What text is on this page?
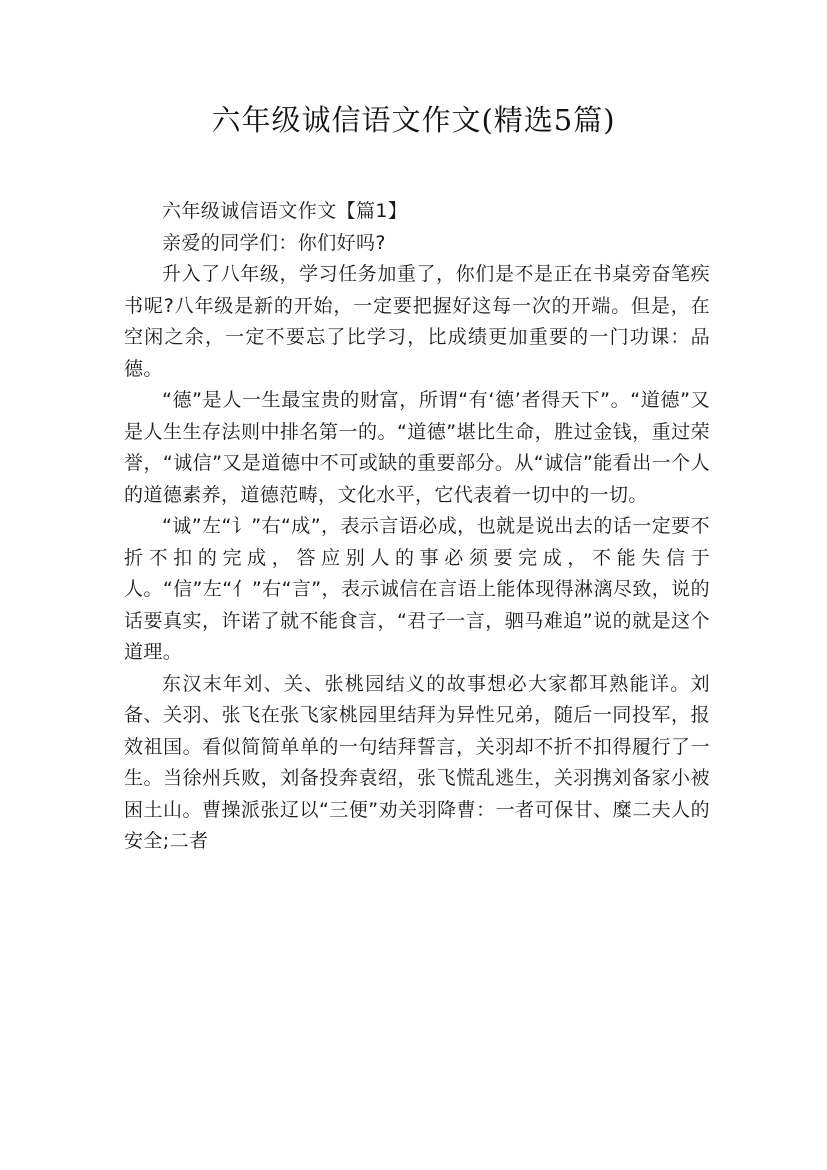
六年级诚信语文作文(精选5篇)

六年级诚信语文作文【篇1】

亲爱的同学们：你们好吗?

升入了八年级，学习任务加重了，你们是不是正在书桌旁奋笔疾书呢?八年级是新的开始，一定要把握好这每一次的开端。但是，在空闲之余，一定不要忘了比学习，比成绩更加重要的一门功课：品德。

“德”是人一生最宝贵的财富，所谓“有‘德’者得天下”。“道德”又是人生生存法则中排名第一的。“道德”堪比生命，胜过金钱，重过荣誉，“诚信”又是道德中不可或缺的重要部分。从“诚信”能看出一个人的道德素养，道德范畴，文化水平，它代表着一切中的一切。

“诚”左“讠”右“成”，表示言语必成，也就是说出去的话一定要不折不扣的完成，答应别人的事必须要完成，不能失信于人。“信”左“亻”右“言”，表示诚信在言语上能体现得淋漓尽致，说的话要真实，许诺了就不能食言，“君子一言，驷马难追”说的就是这个道理。

东汉末年刘、关、张桃园结义的故事想必大家都耳熟能详。刘备、关羽、张飞在张飞家桃园里结拜为异性兄弟，随后一同投军，报效祖国。看似简简单单的一句结拜誓言，关羽却不折不扣得履行了一生。当徐州兵败，刘备投奔袁绍，张飞慌乱逃生，关羽携刘备家小被困土山。曹操派张辽以“三便”劝关羽降曹：一者可保甘、糜二夫人的安全;二者
